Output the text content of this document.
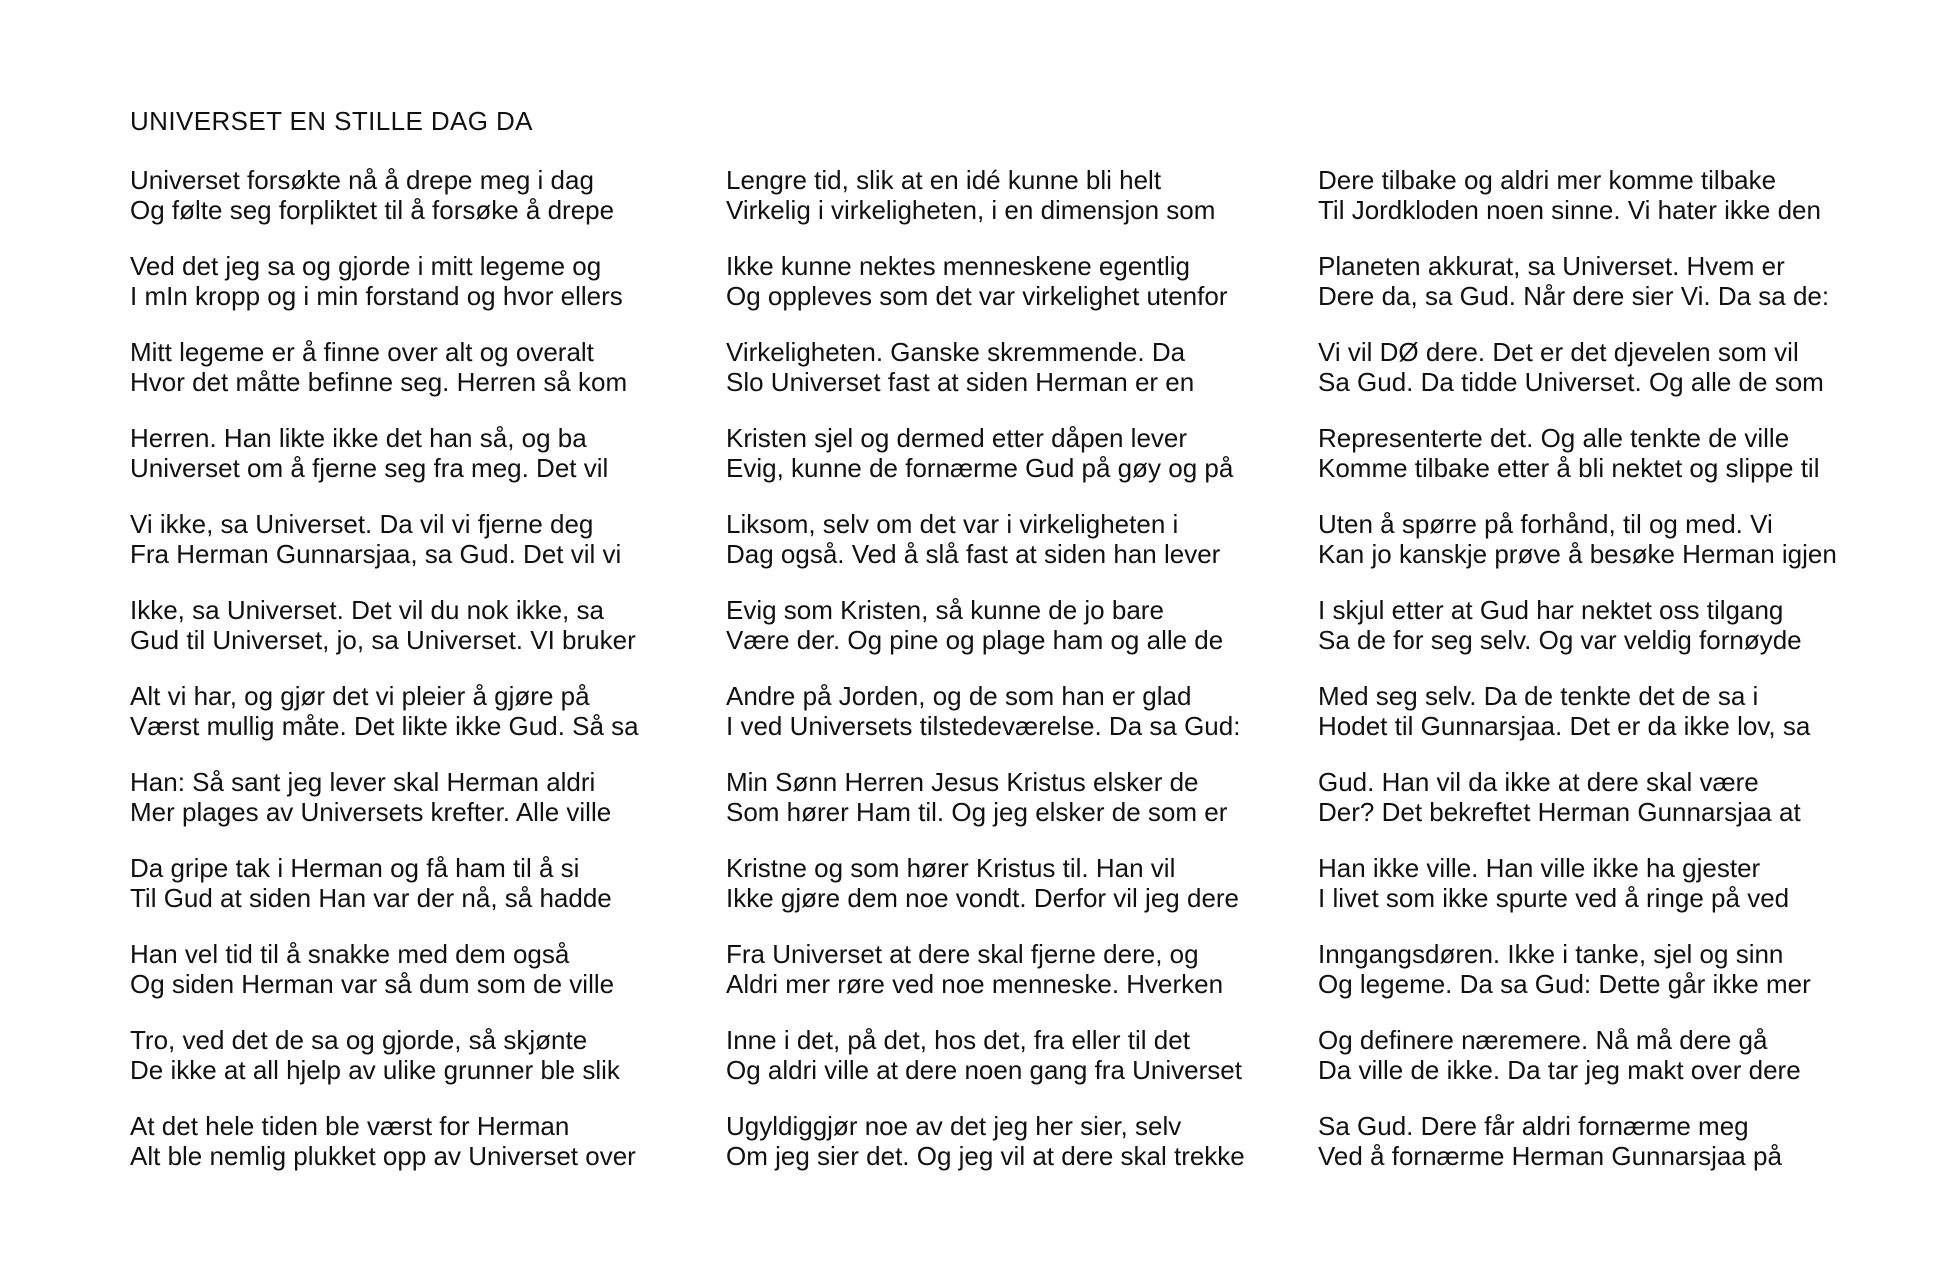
UNIVERSET EN STILLE DAG DA
Universet forsøkte nå å drepe meg i dag
Og følte seg forpliktet til å forsøke å drepe
Ved det jeg sa og gjorde i mitt legeme og
I mIn kropp og i min forstand og hvor ellers
Mitt legeme er å finne over alt og overalt
Hvor det måtte befinne seg. Herren så kom
Herren. Han likte ikke det han så, og ba
Universet om å fjerne seg fra meg. Det vil
Vi ikke, sa Universet. Da vil vi fjerne deg
Fra Herman Gunnarsjaa, sa Gud. Det vil vi
Ikke, sa Universet. Det vil du nok ikke, sa
Gud til Universet, jo, sa Universet. VI bruker
Alt vi har, og gjør det vi pleier å gjøre på
Værst mullig måte. Det likte ikke Gud. Så sa
Han: Så sant jeg lever skal Herman aldri
Mer plages av Universets krefter. Alle ville
Da gripe tak i Herman og få ham til å si
Til Gud at siden Han var der nå, så hadde
Han vel tid til å snakke med dem også
Og siden Herman var så dum som de ville
Tro, ved det de sa og gjorde, så skjønte
De ikke at all hjelp av ulike grunner ble slik
At det hele tiden ble værst for Herman
Alt ble nemlig plukket opp av Universet over
Lengre tid, slik at en idé kunne bli helt
Virkelig i virkeligheten, i en dimensjon som
Ikke kunne nektes menneskene egentlig
Og oppleves som det var virkelighet utenfor
Virkeligheten. Ganske skremmende. Da
Slo Universet fast at siden Herman er en
Kristen sjel og dermed etter dåpen lever
Evig, kunne de fornærme Gud på gøy og på
Liksom, selv om det var i virkeligheten i
Dag også. Ved å slå fast at siden han lever
Evig som Kristen, så kunne de jo bare
Være der. Og pine og plage ham og alle de
Andre på Jorden, og de som han er glad
I ved Universets tilstedeværelse. Da sa Gud:
Min Sønn Herren Jesus Kristus elsker de
Som hører Ham til. Og jeg elsker de som er
Kristne og som hører Kristus til. Han vil
Ikke gjøre dem noe vondt. Derfor vil jeg dere
Fra Universet at dere skal fjerne dere, og
Aldri mer røre ved noe menneske. Hverken
Inne i det, på det, hos det, fra eller til det
Og aldri ville at dere noen gang fra Universet
Ugyldiggjør noe av det jeg her sier, selv
Om jeg sier det. Og jeg vil at dere skal trekke
Dere tilbake og aldri mer komme tilbake
Til Jordkloden noen sinne. Vi hater ikke den
Planeten akkurat, sa Universet. Hvem er
Dere da, sa Gud. Når dere sier Vi. Da sa de:
Vi vil DØ dere. Det er det djevelen som vil
Sa Gud. Da tidde Universet. Og alle de som
Representerte det. Og alle tenkte de ville
Komme tilbake etter å bli nektet og slippe til
Uten å spørre på forhånd, til og med. Vi
Kan jo kanskje prøve å besøke Herman igjen
I skjul etter at Gud har nektet oss tilgang
Sa de for seg selv. Og var veldig fornøyde
Med seg selv. Da de tenkte det de sa i
Hodet til Gunnarsjaa. Det er da ikke lov, sa
Gud. Han vil da ikke at dere skal være
Der? Det bekreftet Herman Gunnarsjaa at
Han ikke ville. Han ville ikke ha gjester
I livet som ikke spurte ved å ringe på ved
Inngangsdøren. Ikke i tanke, sjel og sinn
Og legeme. Da sa Gud: Dette går ikke mer
Og definere næremere. Nå må dere gå
Da ville de ikke. Da tar jeg makt over dere
Sa Gud. Dere får aldri fornærme meg
Ved å fornærme Herman Gunnarsjaa på
